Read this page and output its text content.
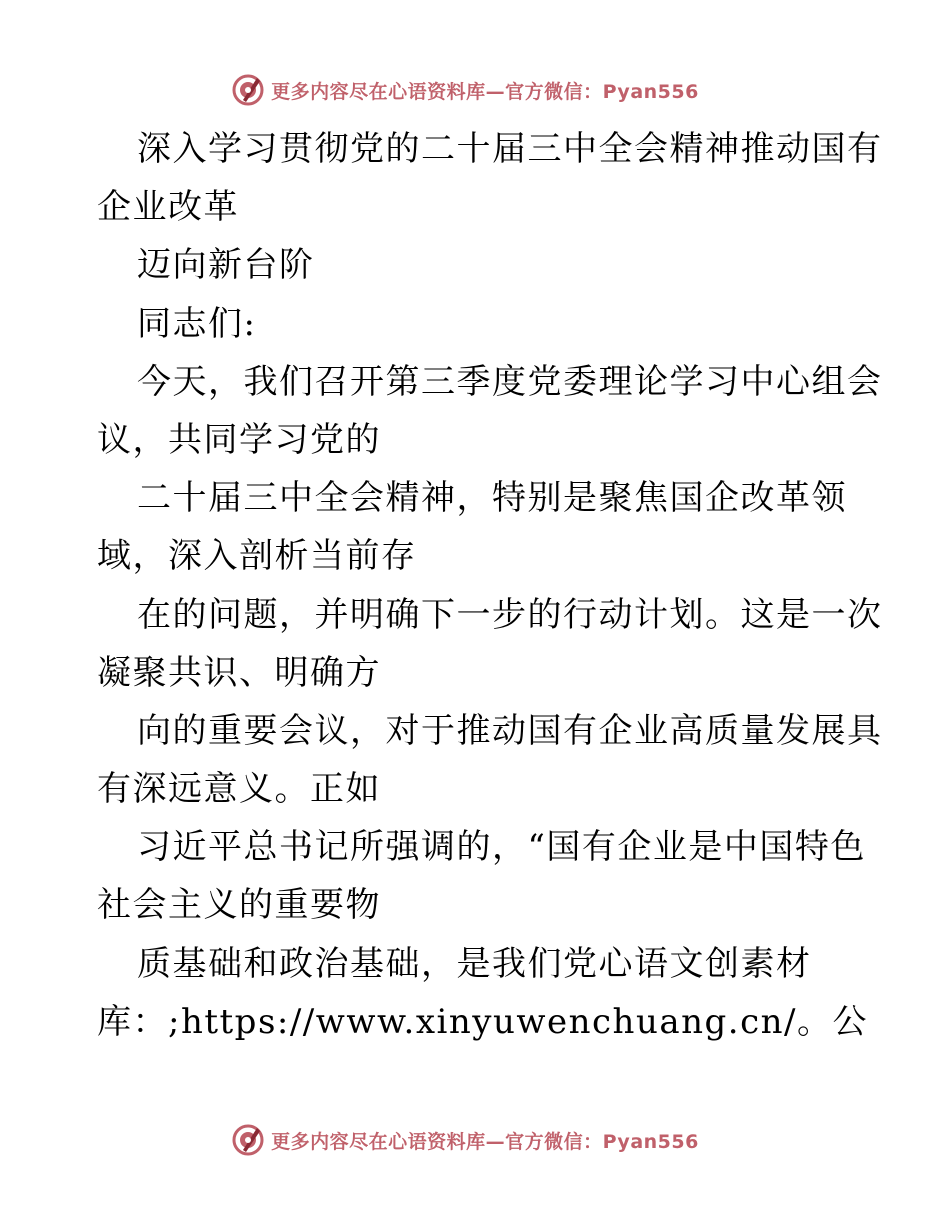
更多内容尽在心语资料库—官方微信：Pyan556
深入学习贯彻党的二十届三中全会精神推动国有
企业改革
迈向新台阶
同志们:
今天，我们召开第三季度党委理论学习中心组会
议，共同学习党的
二十届三中全会精神，特别是聚焦国企改革领
域，深入剖析当前存
在的问题，并明确下一步的行动计划。这是一次
凝聚共识、明确方
向的重要会议，对于推动国有企业高质量发展具
有深远意义。正如
习近平总书记所强调的，“国有企业是中国特色
社会主义的重要物
质基础和政治基础，是我们党心语文创素材
库：;https://www.xinyuwenchuang.cn/。公
更多内容尽在心语资料库—官方微信：Pyan556
